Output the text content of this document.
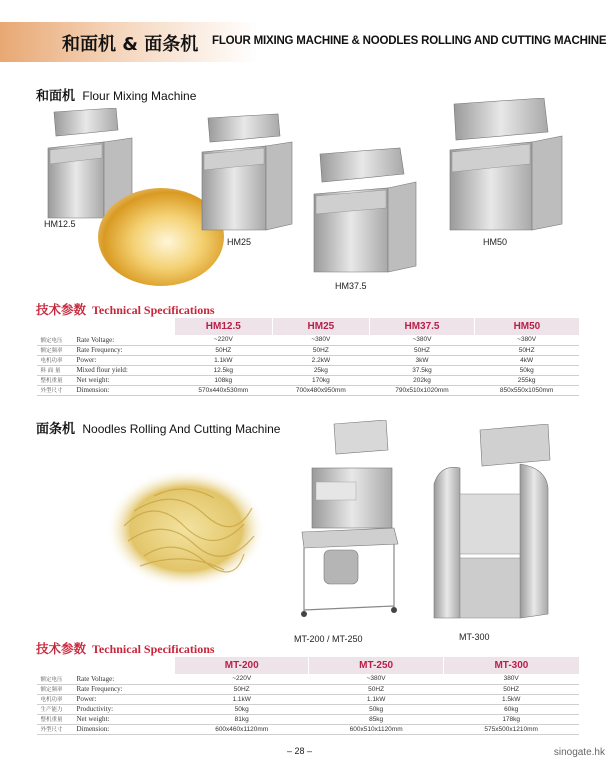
和面机 & 面条机 FLOUR MIXING MACHINE & NOODLES ROLLING AND CUTTING MACHINE
和面机 Flour Mixing Machine
HM12.5
HM25
HM37.5
HM50
技术参数 Technical Specifications
		HM12.5	HM25	HM37.5	HM50
额定电压	Rate Voltage:	~220V	~380V	~380V	~380V
额定频率	Rate Frequency:	50HZ	50HZ	50HZ	50HZ
电机功率	Power:	1.1kW	2.2kW	3kW	4kW
料 面 量	Mixed flour yield:	12.5kg	25kg	37.5kg	50kg
整机重量	Net weight:	108kg	170kg	202kg	255kg
外型尺寸	Dimension:	570x440x530mm	700x480x950mm	790x510x1020mm	850x550x1050mm
面条机 Noodles Rolling And Cutting Machine
MT-200 / MT-250	MT-300
技术参数 Technical Specifications
		MT-200	MT-250	MT-300
额定电压	Rate Voltage:	~220V	~380V	380V
额定频率	Rate Frequency:	50HZ	50HZ	50HZ
电机功率	Power:	1.1kW	1.1kW	1.5kW
生产能力	Productivity:	50kg	50kg	60kg
整机重量	Net weight:	81kg	85kg	178kg
外型尺寸	Dimension:	600x460x1120mm	600x510x1120mm	575x500x1210mm
– 28 –	sinogate.hk
